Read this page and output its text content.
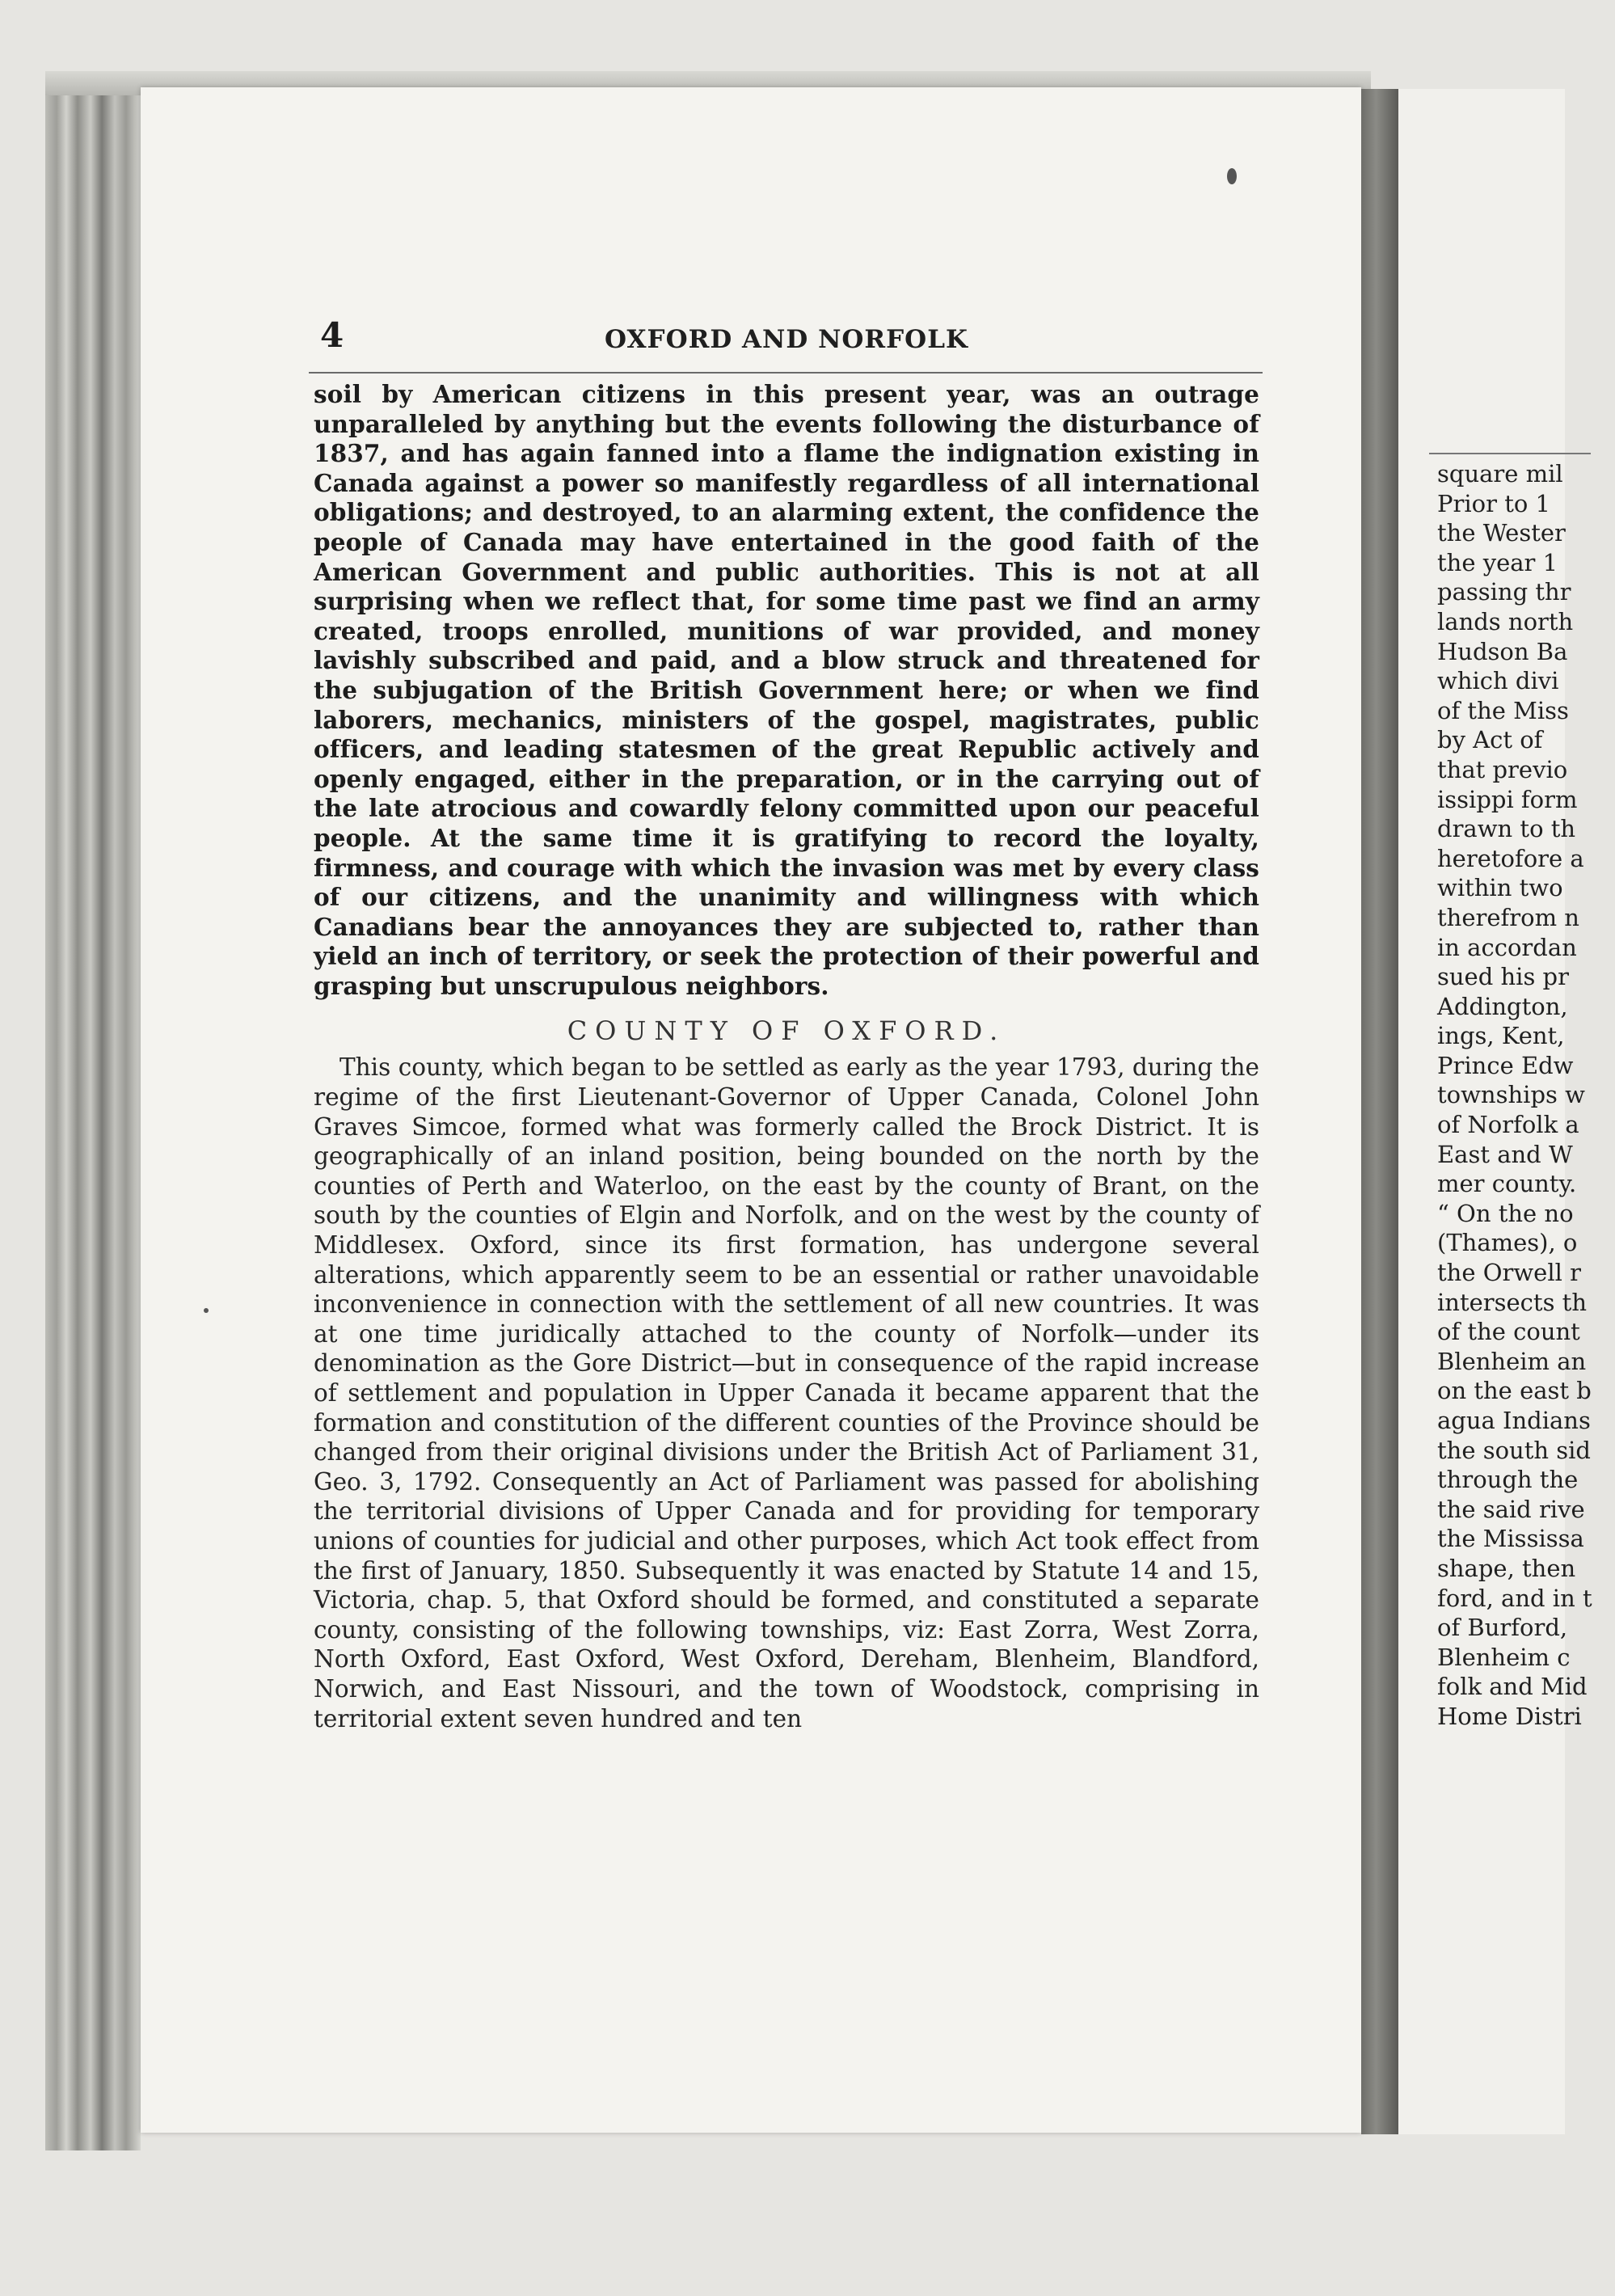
square mil
Prior to 1
the Wester
the year 1
passing thr
lands north
Hudson Ba
which divi
of the Miss
by Act of
that previo
issippi form
drawn to th
heretofore a
within two
therefrom n
in accordan
sued his pr
Addington,
ings, Kent,
Prince Edw
townships w
of Norfolk a
East and W
mer county.
“ On the no
(Thames), o
the Orwell r
intersects th
of the count
Blenheim an
on the east b
agua Indians
the south sid
through the
the said rive
the Mississa
shape, then
ford, and in t
of Burford,
Blenheim c
folk and Mid
Home Distri
4	OXFORD AND NORFOLK

soil by American citizens in this present year, was an outrage unparalleled by anything but the events following the disturbance of 1837, and has again fanned into a flame the indignation existing in Canada against a power so manifestly regardless of all international obligations; and destroyed, to an alarming extent, the confidence the people of Canada may have entertained in the good faith of the American Government and public authorities. This is not at all surprising when we reflect that, for some time past we find an army created, troops enrolled, munitions of war provided, and money lavishly subscribed and paid, and a blow struck and threatened for the subjugation of the British Government here; or when we find laborers, mechanics, ministers of the gospel, magistrates, public officers, and leading statesmen of the great Republic actively and openly engaged, either in the preparation, or in the carrying out of the late atrocious and cowardly felony committed upon our peaceful people. At the same time it is gratifying to record the loyalty, firmness, and courage with which the invasion was met by every class of our citizens, and the unanimity and willingness with which Canadians bear the annoyances they are subjected to, rather than yield an inch of territory, or seek the protection of their powerful and grasping but unscrupulous neighbors.

COUNTY OF OXFORD.

This county, which began to be settled as early as the year 1793, during the regime of the first Lieutenant-Governor of Upper Canada, Colonel John Graves Simcoe, formed what was formerly called the Brock District. It is geographically of an inland position, being bounded on the north by the counties of Perth and Waterloo, on the east by the county of Brant, on the south by the counties of Elgin and Norfolk, and on the west by the county of Middlesex. Oxford, since its first formation, has undergone several alterations, which apparently seem to be an essential or rather unavoidable inconvenience in connection with the settlement of all new countries. It was at one time juridically attached to the county of Norfolk—under its denomination as the Gore District—but in consequence of the rapid increase of settlement and population in Upper Canada it became apparent that the formation and constitution of the different counties of the Province should be changed from their original divisions under the British Act of Parliament 31, Geo. 3, 1792. Consequently an Act of Parliament was passed for abolishing the territorial divisions of Upper Canada and for providing for temporary unions of counties for judicial and other purposes, which Act took effect from the first of January, 1850. Subsequently it was enacted by Statute 14 and 15, Victoria, chap. 5, that Oxford should be formed, and constituted a separate county, consisting of the following townships, viz: East Zorra, West Zorra, North Oxford, East Oxford, West Oxford, Dereham, Blenheim, Blandford, Norwich, and East Nissouri, and the town of Woodstock, comprising in territorial extent seven hundred and ten
